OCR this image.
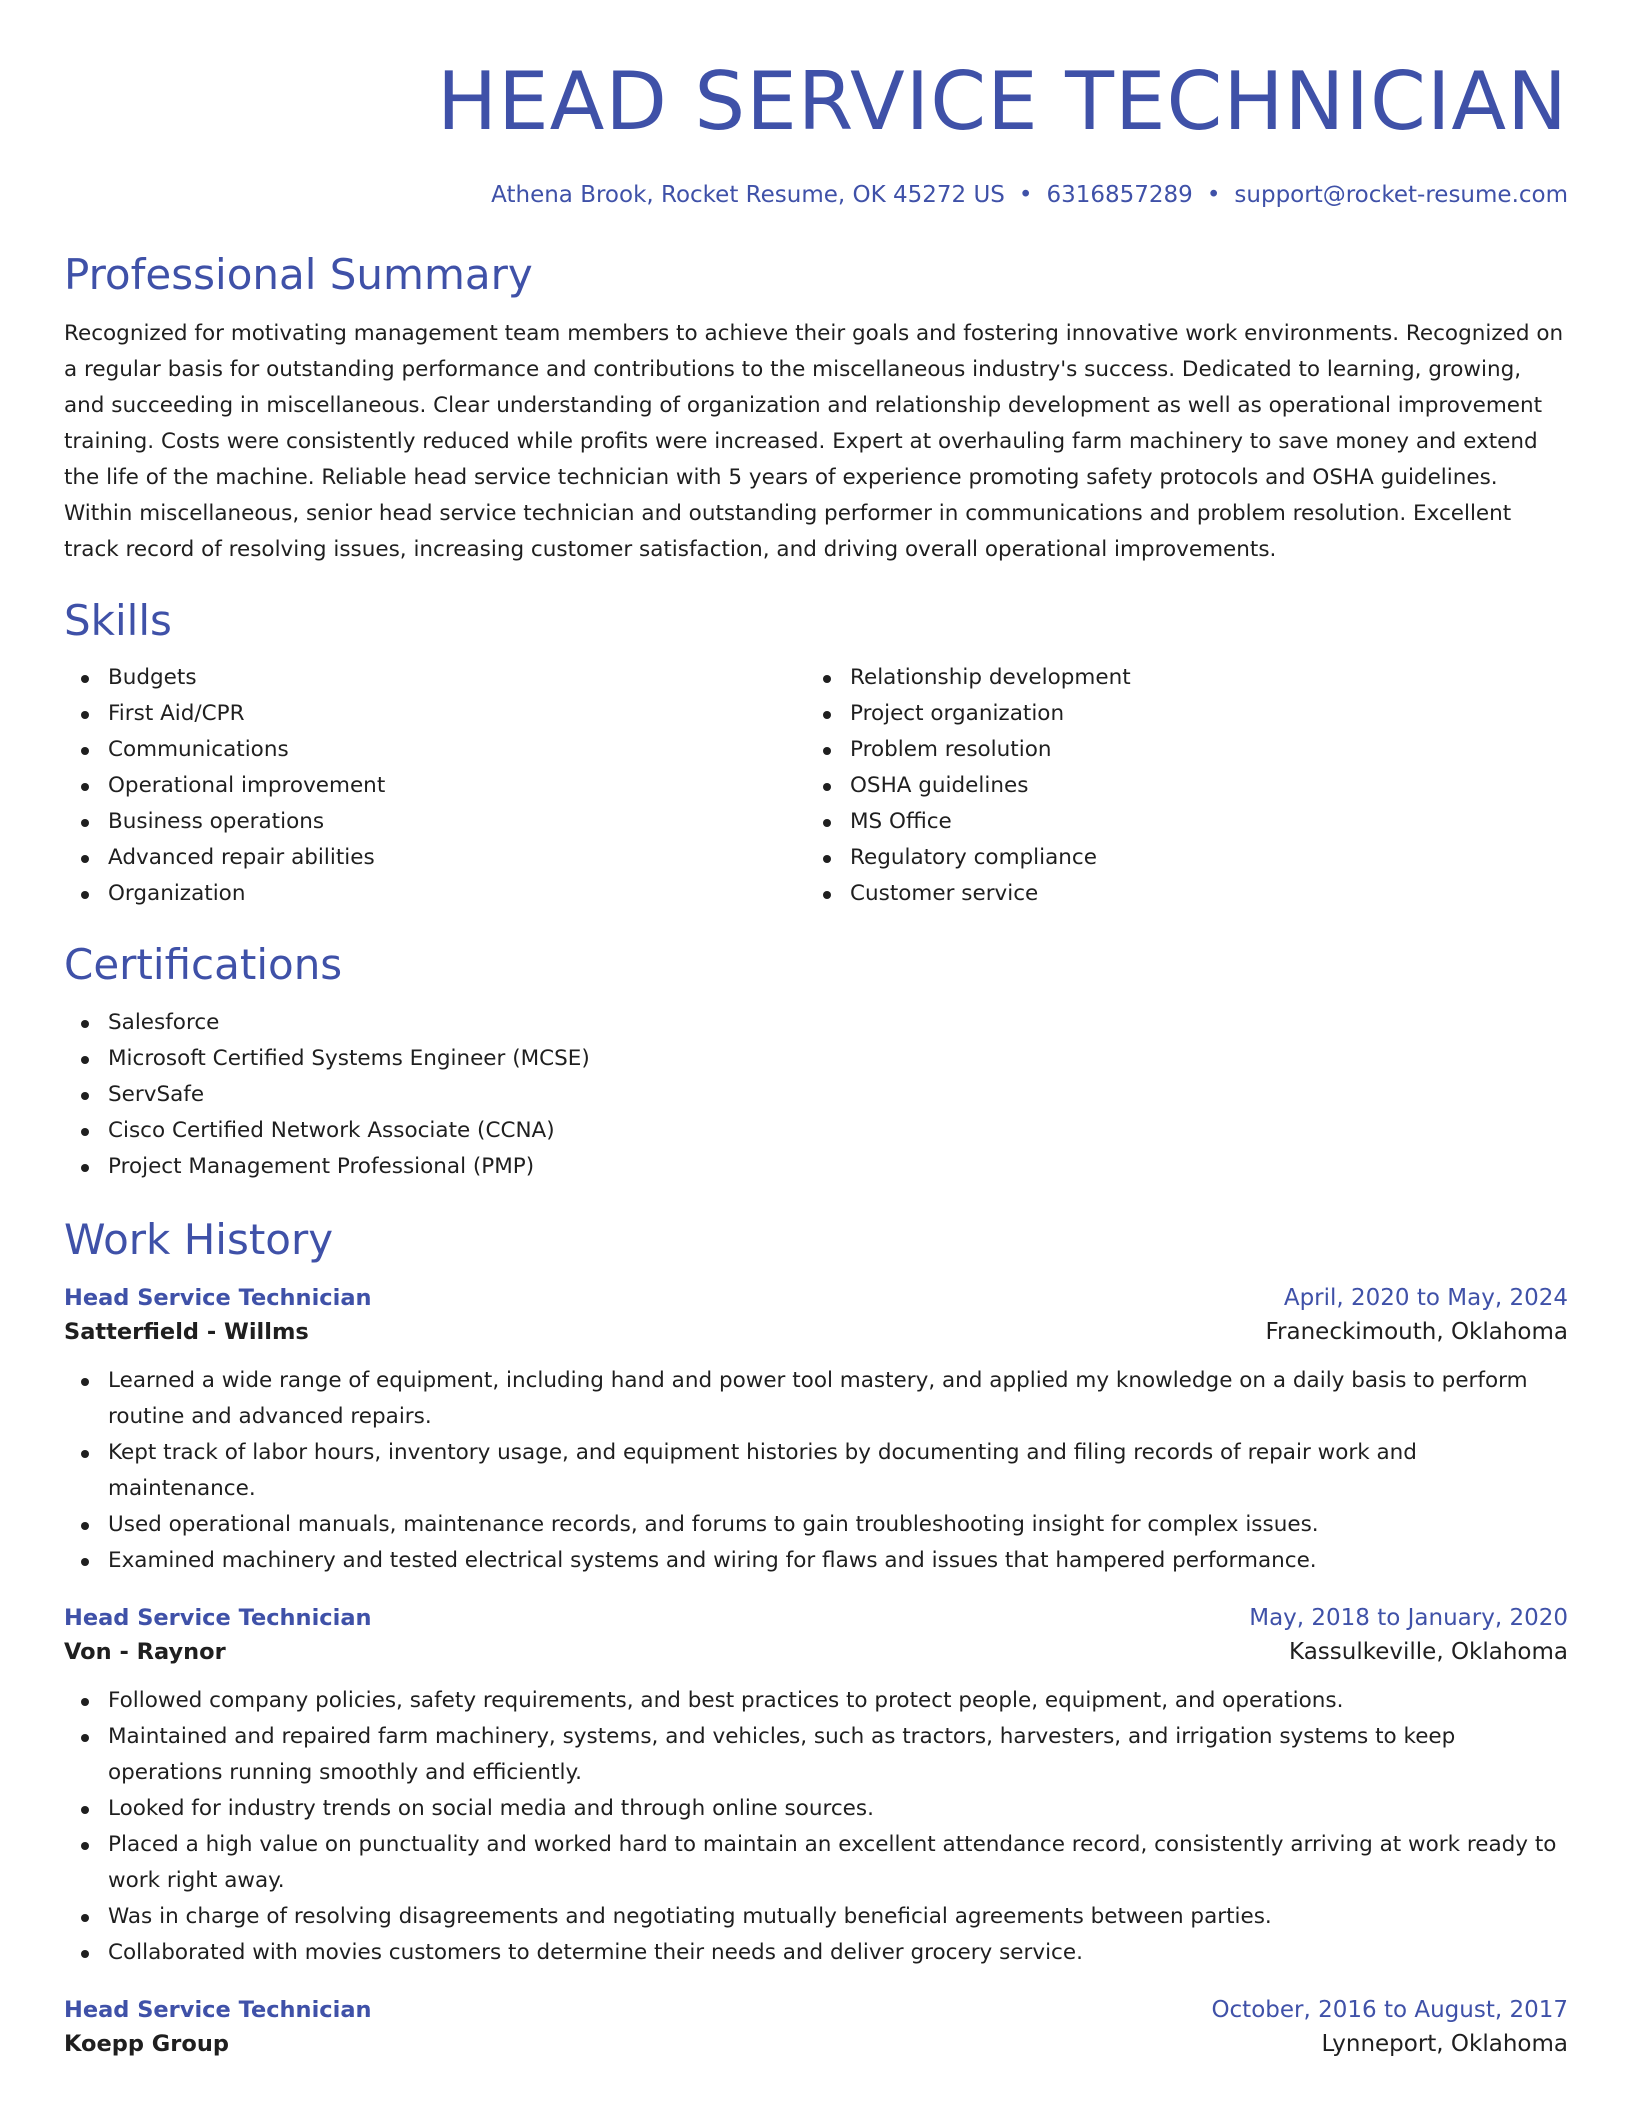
HEAD SERVICE TECHNICIAN
Athena Brook, Rocket Resume, OK 45272 US • 6316857289 • support@rocket-resume.com
Professional Summary

Recognized for motivating management team members to achieve their goals and fostering innovative work environments. Recognized on a regular basis for outstanding performance and contributions to the miscellaneous industry's success. Dedicated to learning, growing, and succeeding in miscellaneous. Clear understanding of organization and relationship development as well as operational improvement training. Costs were consistently reduced while profits were increased. Expert at overhauling farm machinery to save money and extend the life of the machine. Reliable head service technician with 5 years of experience promoting safety protocols and OSHA guidelines. Within miscellaneous, senior head service technician and outstanding performer in communications and problem resolution. Excellent track record of resolving issues, increasing customer satisfaction, and driving overall operational improvements.

Skills
Budgets
First Aid/CPR
Communications
Operational improvement
Business operations
Advanced repair abilities
Organization
Relationship development
Project organization
Problem resolution
OSHA guidelines
MS Office
Regulatory compliance
Customer service
Certifications
Salesforce
Microsoft Certified Systems Engineer (MCSE)
ServSafe
Cisco Certified Network Associate (CCNA)
Project Management Professional (PMP)
Work History
Head Service Technician	April, 2020 to May, 2024
Satterfield - Willms	Franeckimouth, Oklahoma
Learned a wide range of equipment, including hand and power tool mastery, and applied my knowledge on a daily basis to perform routine and advanced repairs.
Kept track of labor hours, inventory usage, and equipment histories by documenting and filing records of repair work and maintenance.
Used operational manuals, maintenance records, and forums to gain troubleshooting insight for complex issues.
Examined machinery and tested electrical systems and wiring for flaws and issues that hampered performance.
Head Service Technician	May, 2018 to January, 2020
Von - Raynor	Kassulkeville, Oklahoma
Followed company policies, safety requirements, and best practices to protect people, equipment, and operations.
Maintained and repaired farm machinery, systems, and vehicles, such as tractors, harvesters, and irrigation systems to keep operations running smoothly and efficiently.
Looked for industry trends on social media and through online sources.
Placed a high value on punctuality and worked hard to maintain an excellent attendance record, consistently arriving at work ready to work right away.
Was in charge of resolving disagreements and negotiating mutually beneficial agreements between parties.
Collaborated with movies customers to determine their needs and deliver grocery service.
Head Service Technician	October, 2016 to August, 2017
Koepp Group	Lynneport, Oklahoma
